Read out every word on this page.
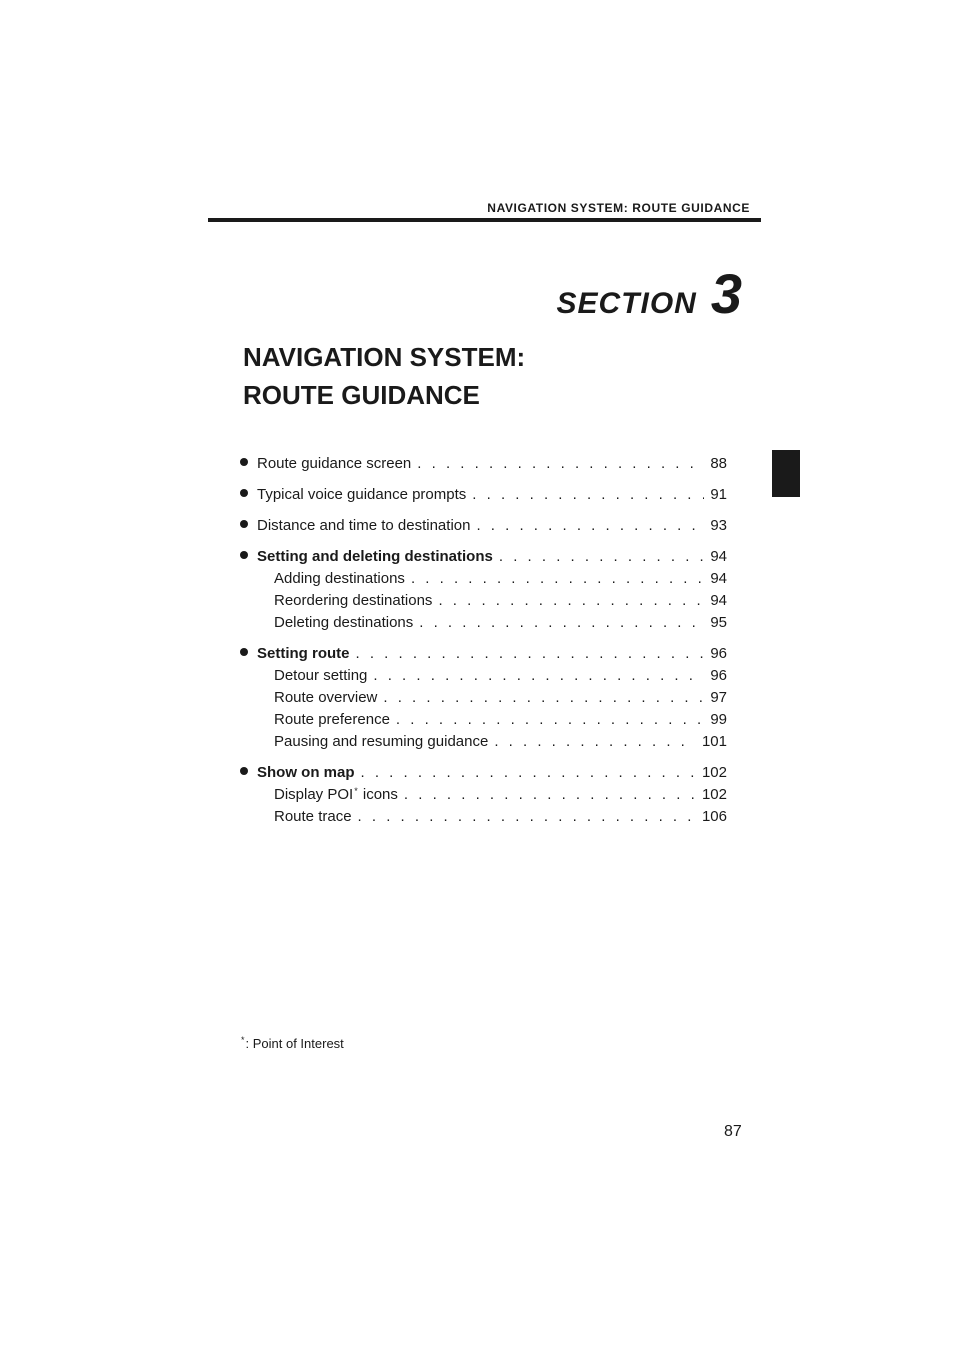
NAVIGATION SYSTEM: ROUTE GUIDANCE
SECTION 3
NAVIGATION SYSTEM:
ROUTE GUIDANCE
Route guidance screen . . .	88
Typical voice guidance prompts . . .	91
Distance and time to destination . . .	93
Setting and deleting destinations . . .	94
Adding destinations . . .	94
Reordering destinations . . .	94
Deleting destinations . . .	95
Setting route . . .	96
Detour setting . . .	96
Route overview . . .	97
Route preference . . .	99
Pausing and resuming guidance . . .	101
Show on map . . .	102
Display POI* icons . . .	102
Route trace . . .	106
*: Point of Interest
87
